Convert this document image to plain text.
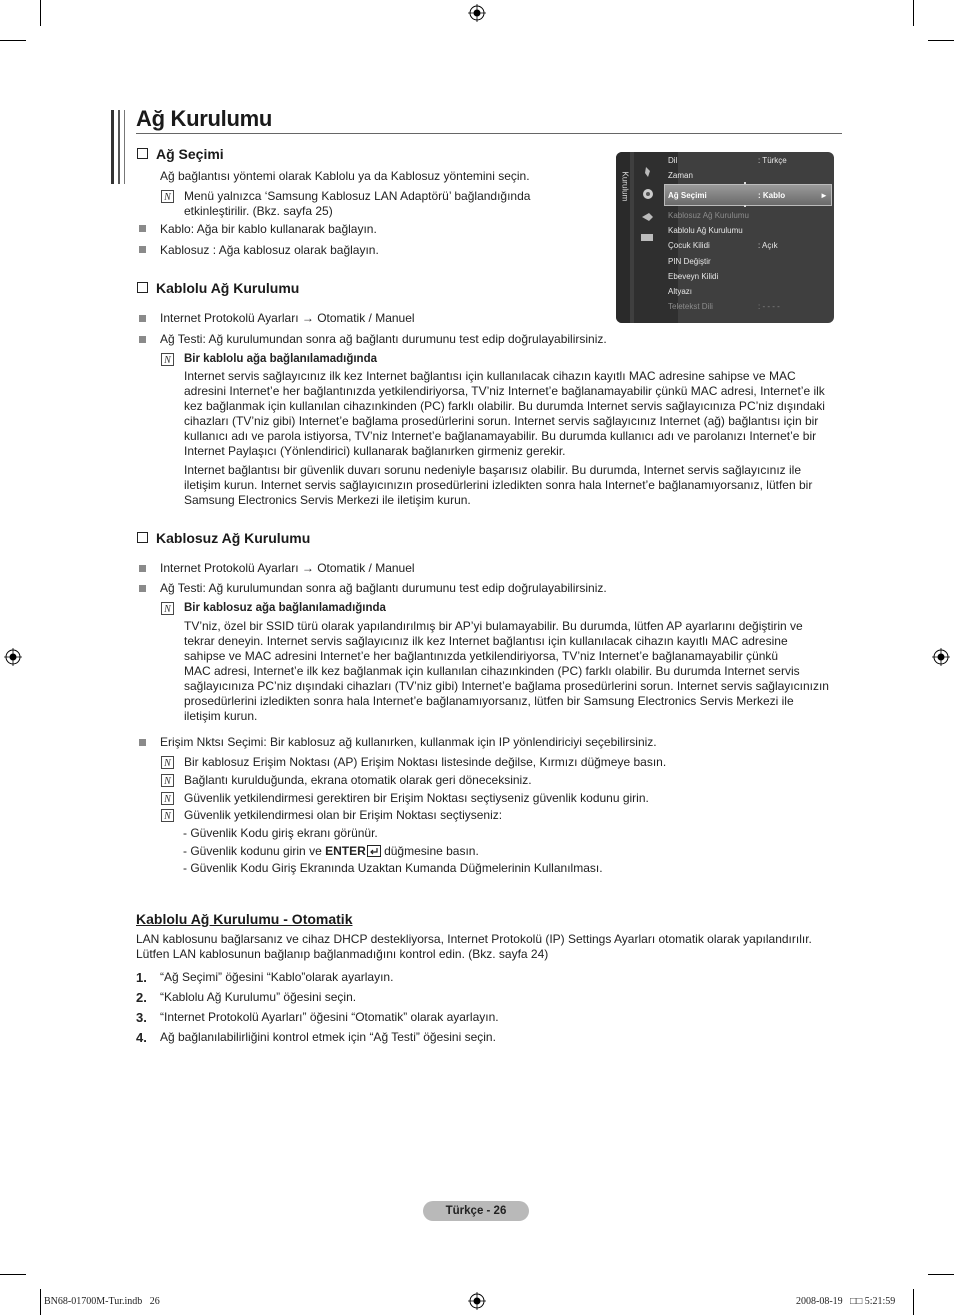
Ağ Kurulumu
Ağ Seçimi
Ağ bağlantısı yöntemi olarak Kablolu ya da Kablosuz yöntemini seçin.
N Menü yalnızca ‘Samsung Kablosuz LAN Adaptörü’ bağlandığında
etkinleştirilir. (Bkz. sayfa 25)
Kablo: Ağa bir kablo kullanarak bağlayın.
Kablosuz : Ağa kablosuz olarak bağlayın.
Kurulum
Dil	: Türkçe
Zaman
Ağ Seçimi	: Kablo	►
Kablosuz Ağ Kurulumu
Kablolu Ağ Kurulumu
Çocuk Kilidi	: Açık
PIN Değiştir
Ebeveyn Kilidi
Altyazı
Teletekst Dili	: - - - -
Kablolu Ağ Kurulumu
Internet Protokolü Ayarları → Otomatik / Manuel
Ağ Testi: Ağ kurulumundan sonra ağ bağlantı durumunu test edip doğrulayabilirsiniz.
N Bir kablolu ağa bağlanılamadığında
Internet servis sağlayıcınız ilk kez Internet bağlantısı için kullanılacak cihazın kayıtlı MAC adresine sahipse ve MAC
adresini Internet’e her bağlantınızda yetkilendiriyorsa, TV’niz Internet’e bağlanamayabilir çünkü MAC adresi, Internet’e ilk
kez bağlanmak için kullanılan cihazınkinden (PC) farklı olabilir. Bu durumda Internet servis sağlayıcınıza PC’niz dışındaki
cihazları (TV’niz gibi) Internet’e bağlama prosedürlerini sorun. Internet servis sağlayıcınız Internet (ağ) bağlantısı için bir
kullanıcı adı ve parola istiyorsa, TV’niz Internet’e bağlanamayabilir. Bu durumda kullanıcı adı ve parolanızı Internet’e bir
Internet Paylaşıcı (Yönlendirici) kullanarak bağlanırken girmeniz gerekir.
Internet bağlantısı bir güvenlik duvarı sorunu nedeniyle başarısız olabilir. Bu durumda, Internet servis sağlayıcınız ile
iletişim kurun. Internet servis sağlayıcınızın prosedürlerini izledikten sonra hala Internet’e bağlanamıyorsanız, lütfen bir
Samsung Electronics Servis Merkezi ile iletişim kurun.
Kablosuz Ağ Kurulumu
Internet Protokolü Ayarları → Otomatik / Manuel
Ağ Testi: Ağ kurulumundan sonra ağ bağlantı durumunu test edip doğrulayabilirsiniz.
N Bir kablosuz ağa bağlanılamadığında
TV’niz, özel bir SSID türü olarak yapılandırılmış bir AP’yi bulamayabilir. Bu durumda, lütfen AP ayarlarını değiştirin ve
tekrar deneyin. Internet servis sağlayıcınız ilk kez Internet bağlantısı için kullanılacak cihazın kayıtlı MAC adresine
sahipse ve MAC adresini Internet’e her bağlantınızda yetkilendiriyorsa, TV’niz Internet’e bağlanamayabilir çünkü
MAC adresi, Internet’e ilk kez bağlanmak için kullanılan cihazınkinden (PC) farklı olabilir. Bu durumda Internet servis
sağlayıcınıza PC’niz dışındaki cihazları (TV’niz gibi) Internet’e bağlama prosedürlerini sorun. Internet servis sağlayıcınızın
prosedürlerini izledikten sonra hala Internet’e bağlanamıyorsanız, lütfen bir Samsung Electronics Servis Merkezi ile
iletişim kurun.
Erişim Nktsı Seçimi: Bir kablosuz ağ kullanırken, kullanmak için IP yönlendiriciyi seçebilirsiniz.
N Bir kablosuz Erişim Noktası (AP) Erişim Noktası listesinde değilse, Kırmızı düğmeye basın.
N Bağlantı kurulduğunda, ekrana otomatik olarak geri döneceksiniz.
N Güvenlik yetkilendirmesi gerektiren bir Erişim Noktası seçtiyseniz güvenlik kodunu girin.
N Güvenlik yetkilendirmesi olan bir Erişim Noktası seçtiyseniz:
- Güvenlik Kodu giriş ekranı görünür.
- Güvenlik kodunu girin ve ENTER düğmesine basın.
- Güvenlik Kodu Giriş Ekranında Uzaktan Kumanda Düğmelerinin Kullanılması.
Kablolu Ağ Kurulumu - Otomatik
LAN kablosunu bağlarsanız ve cihaz DHCP destekliyorsa, Internet Protokolü (IP) Settings Ayarları otomatik olarak yapılandırılır.
Lütfen LAN kablosunun bağlanıp bağlanmadığını kontrol edin. (Bkz. sayfa 24)
1. “Ağ Seçimi” öğesini “Kablo”olarak ayarlayın.
2. “Kablolu Ağ Kurulumu” öğesini seçin.
3. “Internet Protokolü Ayarları” öğesini “Otomatik” olarak ayarlayın.
4. Ağ bağlanılabilirliğini kontrol etmek için “Ağ Testi” öğesini seçin.
Türkçe - 26
BN68-01700M-Tur.indb   26	2008-08-19   □□ 5:21:59
